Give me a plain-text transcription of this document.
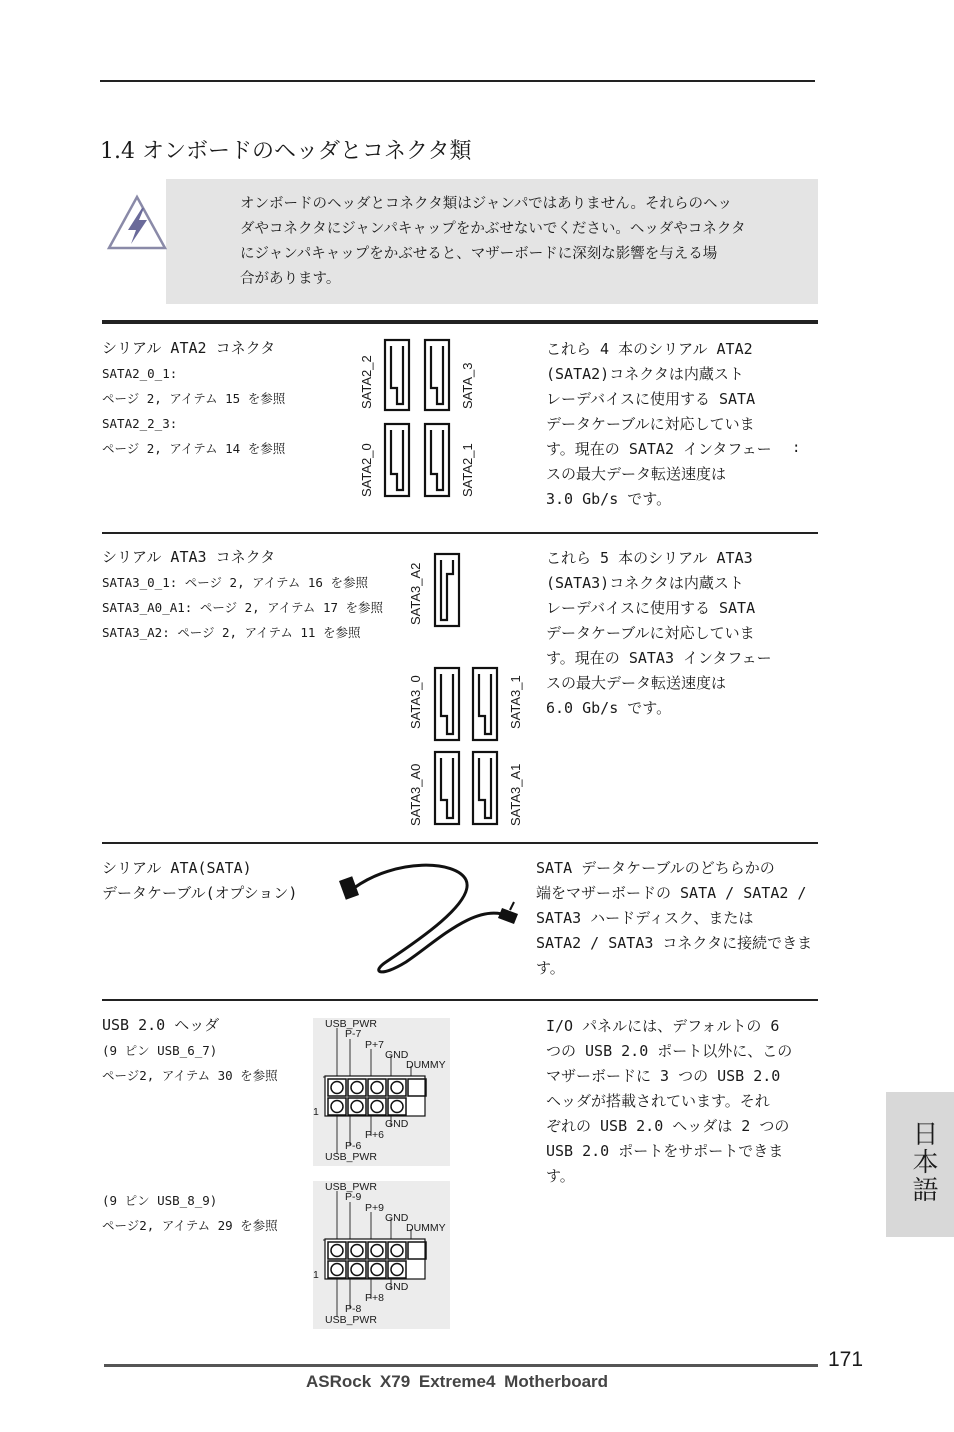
1.4 オンボードのヘッダとコネクタ類
オンボードのヘッダとコネクタ類はジャンパではありません。それらのヘッ
ダやコネクタにジャンパキャップをかぶせないでください。ヘッダやコネクタ
にジャンパキャップをかぶせると、マザーボードに深刻な影響を与える場
合があります。
シリアル ATA2 コネクタ
SATA2_0_1:
ページ 2, アイテム 15 を参照
SATA2_2_3:
ページ 2, アイテム 14 を参照
SATA2_2
SATA2_0
SATA_3
SATA2_1
これら 4 本のシリアル ATA2
(SATA2)コネクタは内蔵スト
レーデバイスに使用する SATA
データケーブルに対応していま
す。現在の SATA2 インタフェー
スの最大データ転送速度は
3.0 Gb/s です。
:
シリアル ATA3 コネクタ
SATA3_0_1: ページ 2, アイテム 16 を参照
SATA3_A0_A1: ページ 2, アイテム 17 を参照
SATA3_A2: ページ 2, アイテム 11 を参照
SATA3_A2
SATA3_0
SATA3_A0
SATA3_1
SATA3_A1
これら 5 本のシリアル ATA3
(SATA3)コネクタは内蔵スト
レーデバイスに使用する SATA
データケーブルに対応していま
す。現在の SATA3 インタフェー
スの最大データ転送速度は
6.0 Gb/s です。
シリアル ATA(SATA)
データケーブル(オプション)
SATA データケーブルのどちらかの
端をマザーボードの SATA / SATA2 /
SATA3 ハードディスク、または
SATA2 / SATA3 コネクタに接続できま
す。
USB 2.0 ヘッダ
(9 ピン USB_6_7)
ページ2, アイテム 30 を参照
(9 ピン USB_8_9)
ページ2, アイテム 29 を参照
USB_PWR
P-7
P+7
GND
DUMMY
1
GND
P+6
P-6
USB_PWR
USB_PWR
P-9
P+9
GND
DUMMY
1
GND
P+8
P-8
USB_PWR
I/O パネルには、デフォルトの 6
つの USB 2.0 ポート以外に、この
マザーボードに 3 つの USB 2.0
ヘッダが搭載されています。それ
ぞれの USB 2.0 ヘッダは 2 つの
USB 2.0 ポートをサポートできま
す。	日本語
171
ASRock X79 Extreme4 Motherboard
